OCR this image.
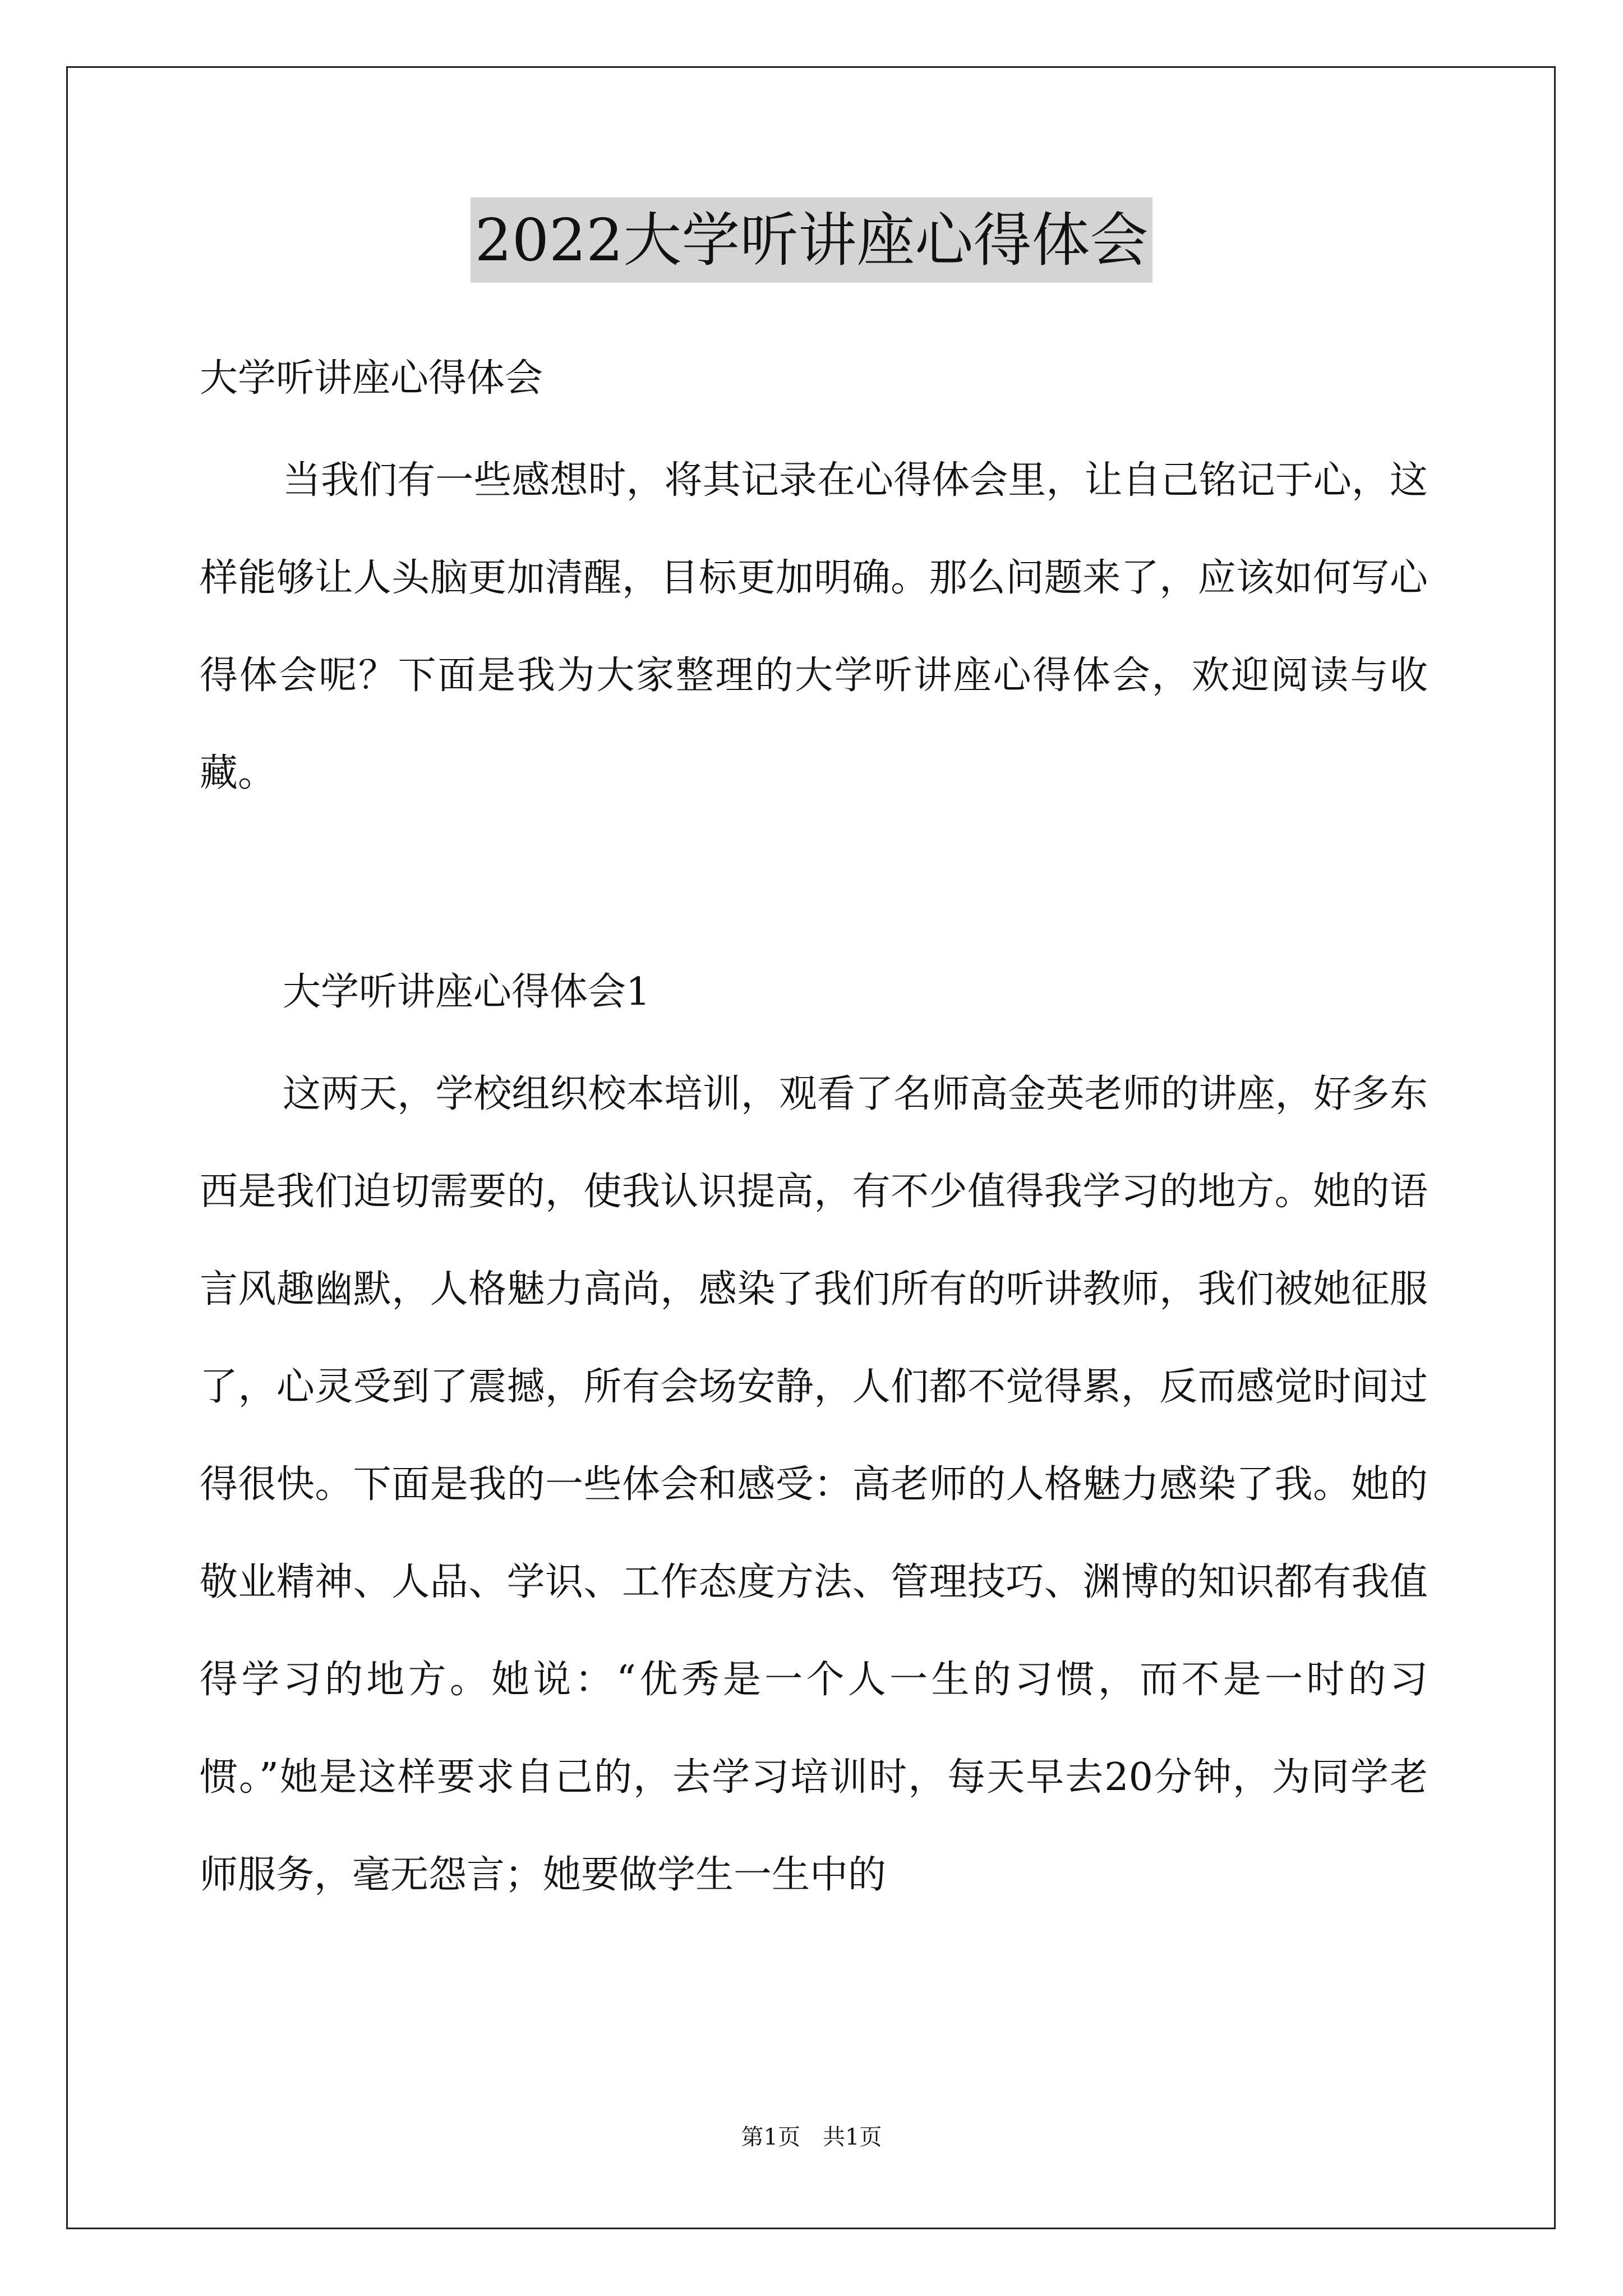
2022大学听讲座心得体会
大学听讲座心得体会

当我们有一些感想时，将其记录在心得体会里，让自己铭记于心，这样能够让人头脑更加清醒，目标更加明确。那么问题来了，应该如何写心得体会呢？下面是我为大家整理的大学听讲座心得体会，欢迎阅读与收藏。

大学听讲座心得体会1

这两天，学校组织校本培训，观看了名师高金英老师的讲座，好多东西是我们迫切需要的，使我认识提高，有不少值得我学习的地方。她的语言风趣幽默，人格魅力高尚，感染了我们所有的听讲教师，我们被她征服了，心灵受到了震撼，所有会场安静，人们都不觉得累，反而感觉时间过得很快。下面是我的一些体会和感受：高老师的人格魅力感染了我。她的敬业精神、人品、学识、工作态度方法、管理技巧、渊博的知识都有我值得学习的地方。她说：“优秀是一个人一生的习惯，而不是一时的习惯。”她是这样要求自己的，去学习培训时，每天早去20分钟，为同学老师服务，毫无怨言；她要做学生一生中的

第1页　共1页
